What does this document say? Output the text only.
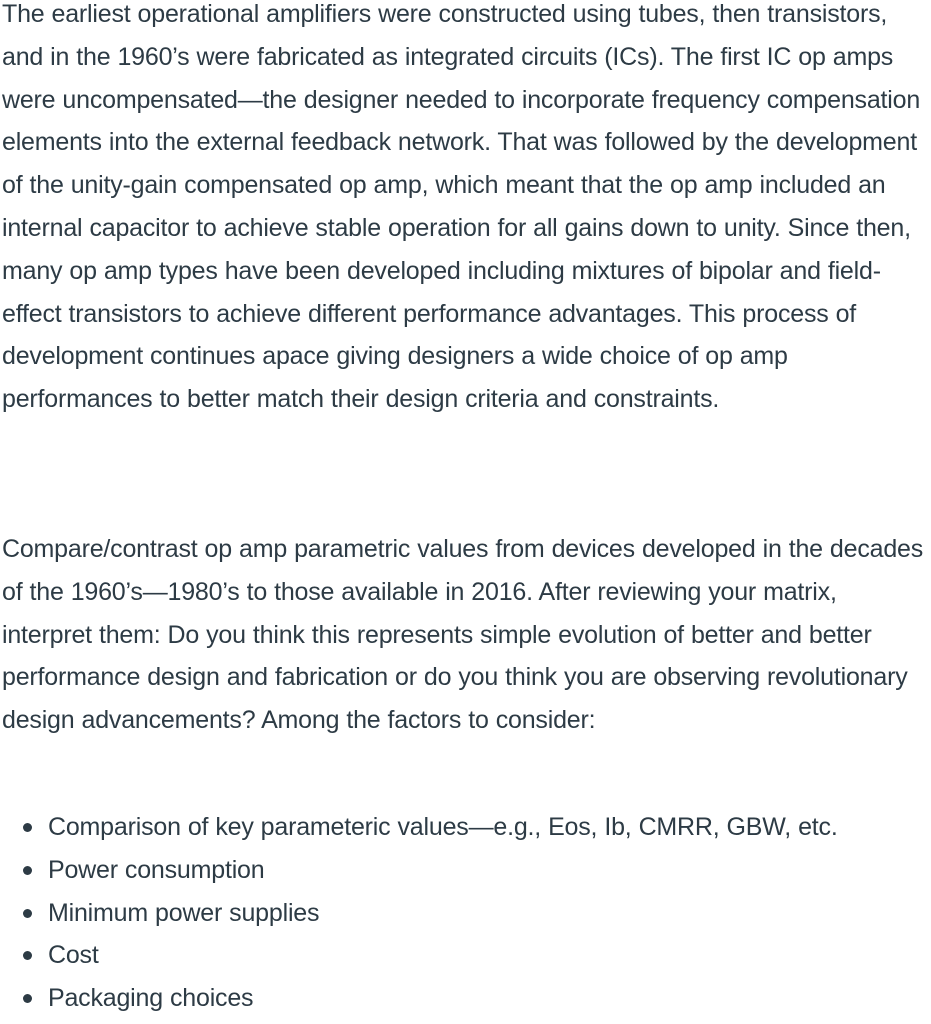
The earliest operational amplifiers were constructed using tubes, then transistors, and in the 1960’s were fabricated as integrated circuits (ICs). The first IC op amps were uncompensated—the designer needed to incorporate frequency compensation elements into the external feedback network. That was followed by the development of the unity-gain compensated op amp, which meant that the op amp included an internal capacitor to achieve stable operation for all gains down to unity. Since then, many op amp types have been developed including mixtures of bipolar and field-effect transistors to achieve different performance advantages. This process of development continues apace giving designers a wide choice of op amp performances to better match their design criteria and constraints.

Compare/contrast op amp parametric values from devices developed in the decades of the 1960’s—1980’s to those available in 2016. After reviewing your matrix, interpret them: Do you think this represents simple evolution of better and better performance design and fabrication or do you think you are observing revolutionary design advancements? Among the factors to consider:

Comparison of key parameteric values—e.g., Eos, Ib, CMRR, GBW, etc.
Power consumption
Minimum power supplies
Cost
Packaging choices
